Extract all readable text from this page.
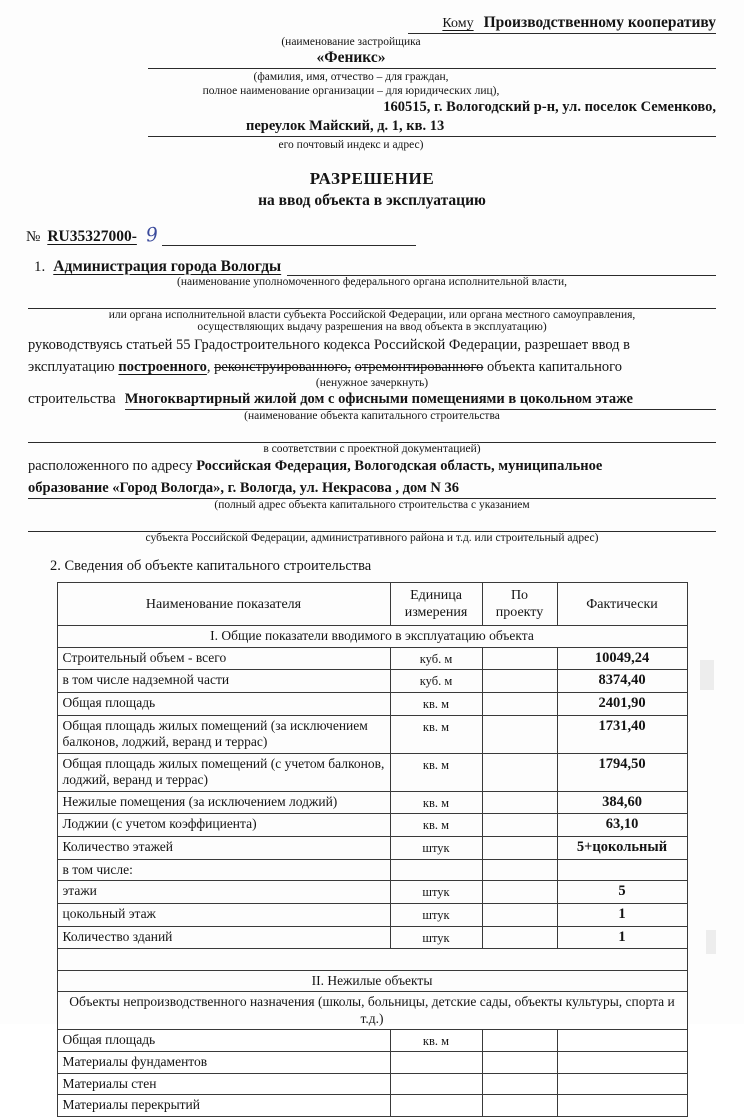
Кому Производственному кооперативу
(наименование застройщика
«Феникс»
(фамилия, имя, отчество – для граждан,
полное наименование организации – для юридических лиц),
160515, г. Вологодский р-н, ул. поселок Семенково,
переулок Майский, д. 1, кв. 13
его почтовый индекс и адрес)
РАЗРЕШЕНИЕ
на ввод объекта в эксплуатацию
№ RU35327000- 9
1. Администрация города Вологды
(наименование уполномоченного федерального органа исполнительной власти,
или органа исполнительной власти субъекта Российской Федерации, или органа местного самоуправления,
осуществляющих выдачу разрешения на ввод объекта в эксплуатацию)
руководствуясь статьей 55 Градостроительного кодекса Российской Федерации, разрешает ввод в
эксплуатацию построенного, реконструированного, отремонтированного объекта капитального
(ненужное зачеркнуть)
строительства Многоквартирный жилой дом с офисными помещениями в цокольном этаже
(наименование объекта капитального строительства
в соответствии с проектной документацией)
расположенного по адресу Российская Федерация, Вологодская область, муниципальное
образование «Город Вологда», г. Вологда, ул. Некрасова , дом N 36
(полный адрес объекта капитального строительства с указанием
субъекта Российской Федерации, административного района и т.д. или строительный адрес)
2. Сведения об объекте капитального строительства
Наименование показателя	Единица измерения	По проекту	Фактически
I. Общие показатели вводимого в эксплуатацию объекта			
Строительный объем - всего	куб. м		10049,24
в том числе надземной части	куб. м		8374,40
Общая площадь	кв. м		2401,90
Общая площадь жилых помещений (за исключением балконов, лоджий, веранд и террас)	кв. м		1731,40
Общая площадь жилых помещений (с учетом балконов, лоджий, веранд и террас)	кв. м		1794,50
Нежилые помещения (за исключением лоджий)	кв. м		384,60
Лоджии (с учетом коэффициента)	кв. м		63,10
Количество этажей	штук		5+цокольный
в том числе:			
этажи	штук		5
цокольный этаж	штук		1
Количество зданий	штук		1

II. Нежилые объекты			
Объекты непроизводственного назначения (школы, больницы, детские сады, объекты культуры, спорта и т.д.)			
Общая площадь	кв. м		
Материалы фундаментов			
Материалы стен			
Материалы перекрытий			
